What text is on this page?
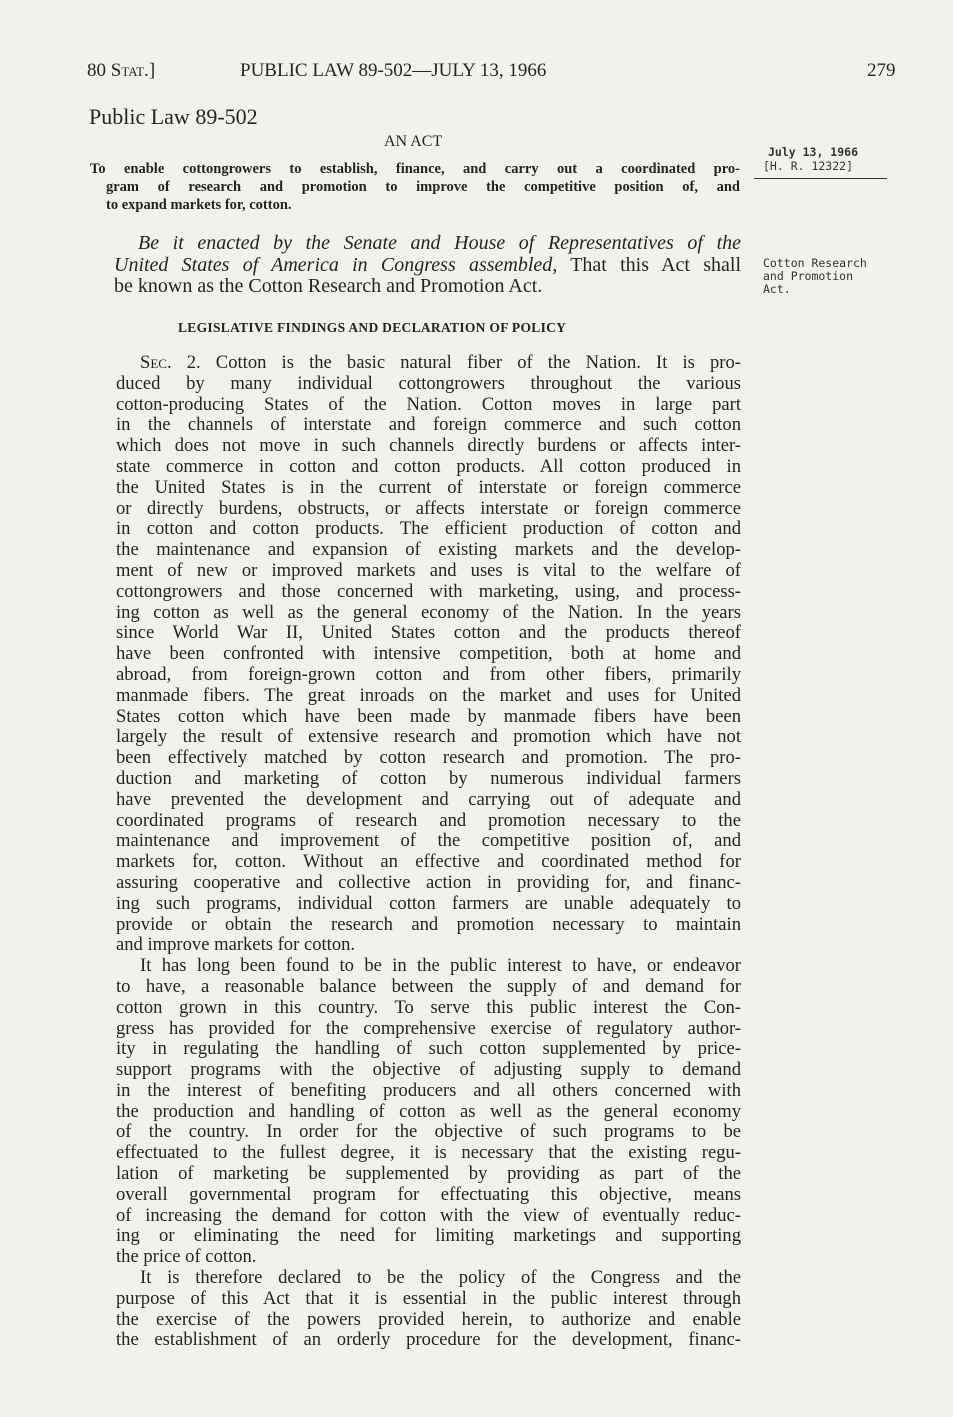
80 Stat.]	PUBLIC LAW 89-502—JULY 13, 1966	279
Public Law 89-502
AN ACT
To enable cottongrowers to establish, finance, and carry out a coordinated pro-
gram of research and promotion to improve the competitive position of, and
to expand markets for, cotton.
July 13, 1966
[H. R. 12322]
Be it enacted by the Senate and House of Representatives of the
United States of America in Congress assembled, That this Act shall
be known as the Cotton Research and Promotion Act.
Cotton Research
and Promotion
Act.
LEGISLATIVE FINDINGS AND DECLARATION OF POLICY
Sec. 2. Cotton is the basic natural fiber of the Nation. It is pro-
duced by many individual cottongrowers throughout the various
cotton-producing States of the Nation. Cotton moves in large part
in the channels of interstate and foreign commerce and such cotton
which does not move in such channels directly burdens or affects inter-
state commerce in cotton and cotton products. All cotton produced in
the United States is in the current of interstate or foreign commerce
or directly burdens, obstructs, or affects interstate or foreign commerce
in cotton and cotton products. The efficient production of cotton and
the maintenance and expansion of existing markets and the develop-
ment of new or improved markets and uses is vital to the welfare of
cottongrowers and those concerned with marketing, using, and process-
ing cotton as well as the general economy of the Nation. In the years
since World War II, United States cotton and the products thereof
have been confronted with intensive competition, both at home and
abroad, from foreign-grown cotton and from other fibers, primarily
manmade fibers. The great inroads on the market and uses for United
States cotton which have been made by manmade fibers have been
largely the result of extensive research and promotion which have not
been effectively matched by cotton research and promotion. The pro-
duction and marketing of cotton by numerous individual farmers
have prevented the development and carrying out of adequate and
coordinated programs of research and promotion necessary to the
maintenance and improvement of the competitive position of, and
markets for, cotton. Without an effective and coordinated method for
assuring cooperative and collective action in providing for, and financ-
ing such programs, individual cotton farmers are unable adequately to
provide or obtain the research and promotion necessary to maintain
and improve markets for cotton.
It has long been found to be in the public interest to have, or endeavor
to have, a reasonable balance between the supply of and demand for
cotton grown in this country. To serve this public interest the Con-
gress has provided for the comprehensive exercise of regulatory author-
ity in regulating the handling of such cotton supplemented by price-
support programs with the objective of adjusting supply to demand
in the interest of benefiting producers and all others concerned with
the production and handling of cotton as well as the general economy
of the country. In order for the objective of such programs to be
effectuated to the fullest degree, it is necessary that the existing regu-
lation of marketing be supplemented by providing as part of the
overall governmental program for effectuating this objective, means
of increasing the demand for cotton with the view of eventually reduc-
ing or eliminating the need for limiting marketings and supporting
the price of cotton.
It is therefore declared to be the policy of the Congress and the
purpose of this Act that it is essential in the public interest through
the exercise of the powers provided herein, to authorize and enable
the establishment of an orderly procedure for the development, financ-
